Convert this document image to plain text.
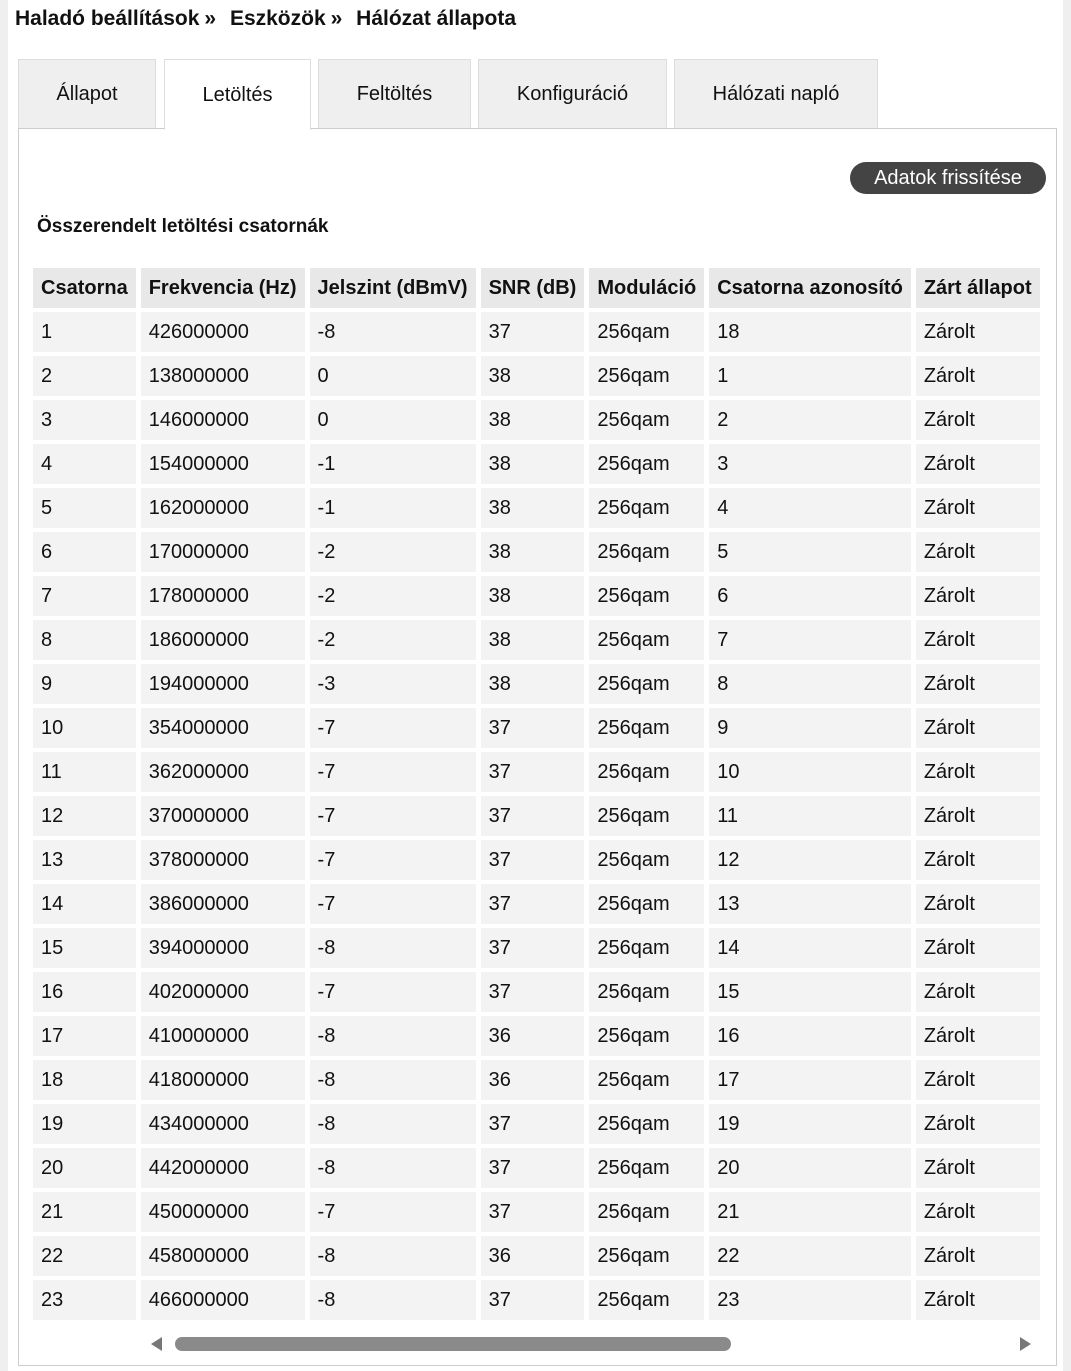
Haladó beállítások » Eszközök » Hálózat állapota
Állapot	Letöltés	Feltöltés	Konfiguráció	Hálózati napló
Adatok frissítése
Összerendelt letöltési csatornák
Csatorna	Frekvencia (Hz)	Jelszint (dBmV)	SNR (dB)	Moduláció	Csatorna azonosító	Zárt állapot
1	426000000	-8	37	256qam	18	Zárolt
2	138000000	0	38	256qam	1	Zárolt
3	146000000	0	38	256qam	2	Zárolt
4	154000000	-1	38	256qam	3	Zárolt
5	162000000	-1	38	256qam	4	Zárolt
6	170000000	-2	38	256qam	5	Zárolt
7	178000000	-2	38	256qam	6	Zárolt
8	186000000	-2	38	256qam	7	Zárolt
9	194000000	-3	38	256qam	8	Zárolt
10	354000000	-7	37	256qam	9	Zárolt
11	362000000	-7	37	256qam	10	Zárolt
12	370000000	-7	37	256qam	11	Zárolt
13	378000000	-7	37	256qam	12	Zárolt
14	386000000	-7	37	256qam	13	Zárolt
15	394000000	-8	37	256qam	14	Zárolt
16	402000000	-7	37	256qam	15	Zárolt
17	410000000	-8	36	256qam	16	Zárolt
18	418000000	-8	36	256qam	17	Zárolt
19	434000000	-8	37	256qam	19	Zárolt
20	442000000	-8	37	256qam	20	Zárolt
21	450000000	-7	37	256qam	21	Zárolt
22	458000000	-8	36	256qam	22	Zárolt
23	466000000	-8	37	256qam	23	Zárolt
